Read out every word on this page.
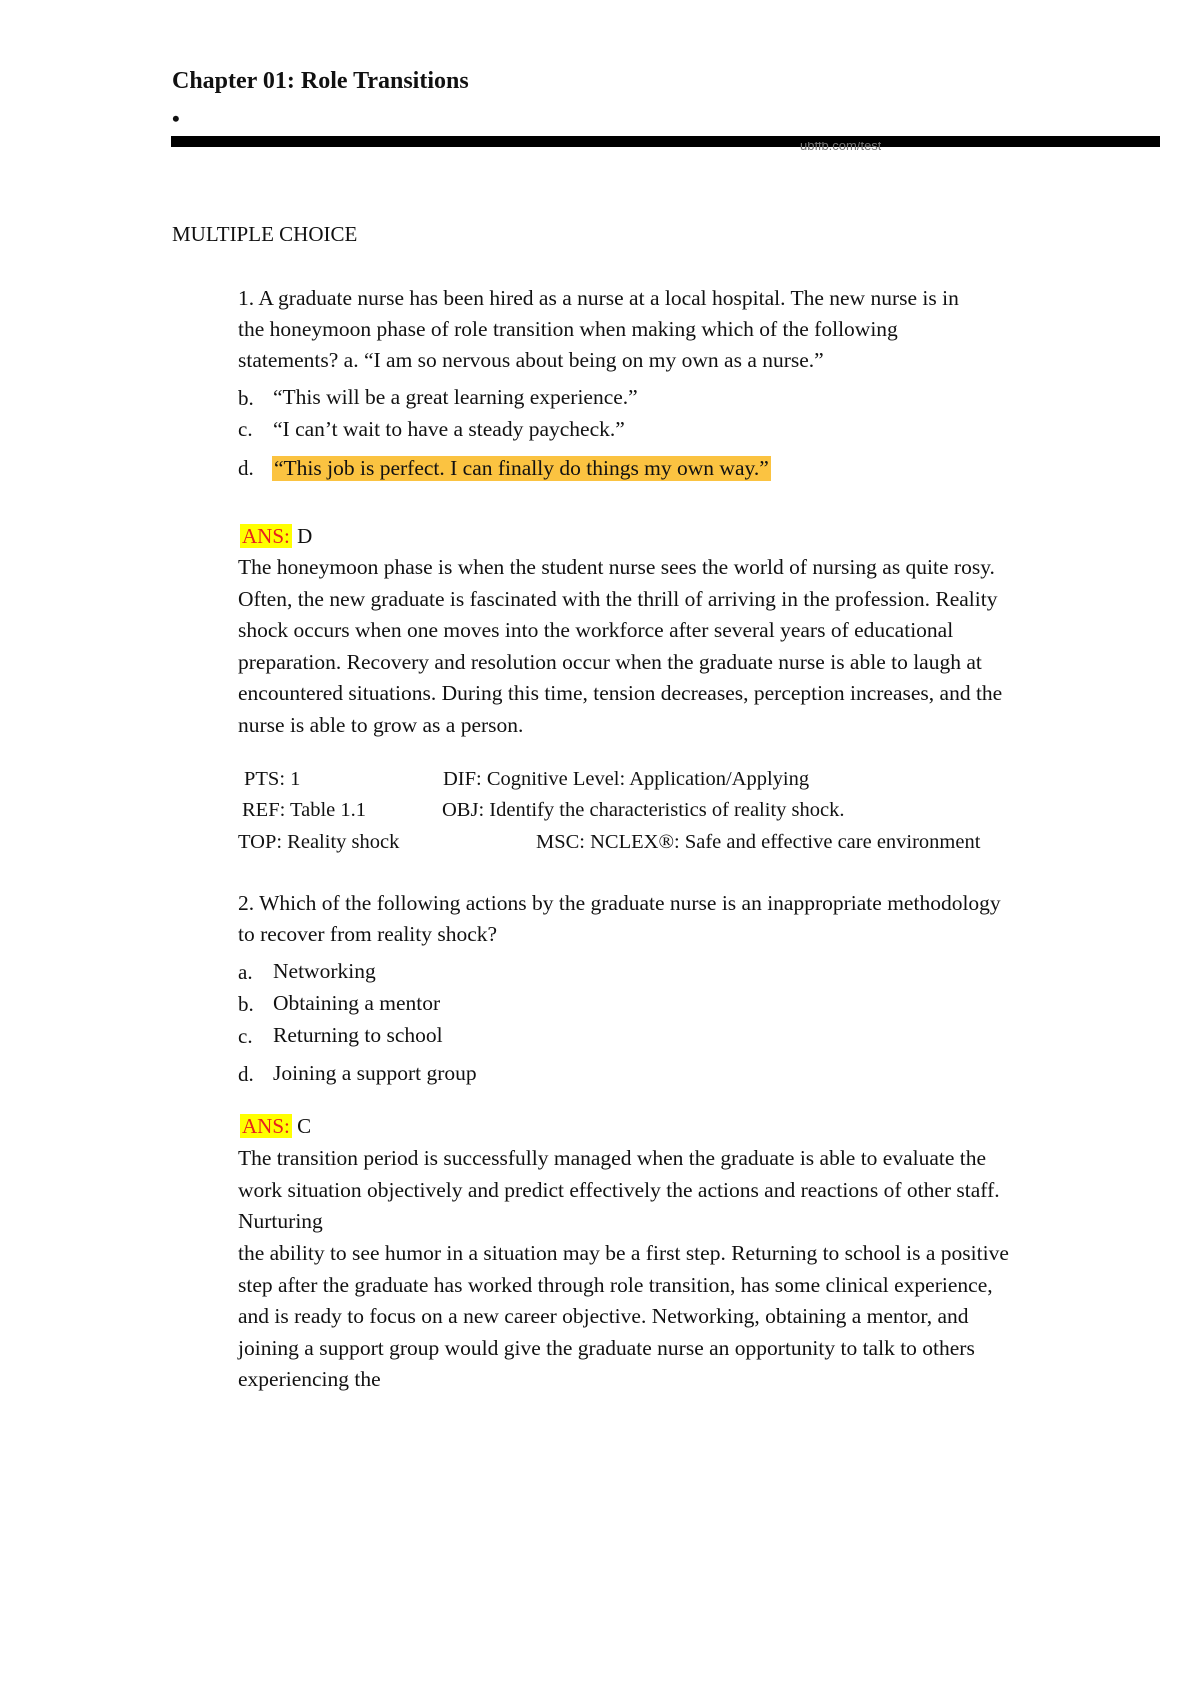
Chapter 01: Role Transitions
•
ubffb.com/test
MULTIPLE CHOICE
1. A graduate nurse has been hired as a nurse at a local hospital. The new nurse is in
the honeymoon phase of role transition when making which of the following
statements? a. “I am so nervous about being on my own as a nurse.”
b. “This will be a great learning experience.”
c. “I can’t wait to have a steady paycheck.”
d. “This job is perfect. I can finally do things my own way.”
ANS: D
The honeymoon phase is when the student nurse sees the world of nursing as quite rosy.
Often, the new graduate is fascinated with the thrill of arriving in the profession. Reality
shock occurs when one moves into the workforce after several years of educational
preparation. Recovery and resolution occur when the graduate nurse is able to laugh at
encountered situations. During this time, tension decreases, perception increases, and the
nurse is able to grow as a person.
PTS: 1	DIF: Cognitive Level: Application/Applying
REF: Table 1.1	OBJ: Identify the characteristics of reality shock.
TOP: Reality shock	MSC: NCLEX®: Safe and effective care environment
2. Which of the following actions by the graduate nurse is an inappropriate methodology
to recover from reality shock?
a. Networking
b. Obtaining a mentor
c. Returning to school
d. Joining a support group
ANS: C
The transition period is successfully managed when the graduate is able to evaluate the
work situation objectively and predict effectively the actions and reactions of other staff.
Nurturing
the ability to see humor in a situation may be a first step. Returning to school is a positive
step after the graduate has worked through role transition, has some clinical experience,
and is ready to focus on a new career objective. Networking, obtaining a mentor, and
joining a support group would give the graduate nurse an opportunity to talk to others
experiencing the
